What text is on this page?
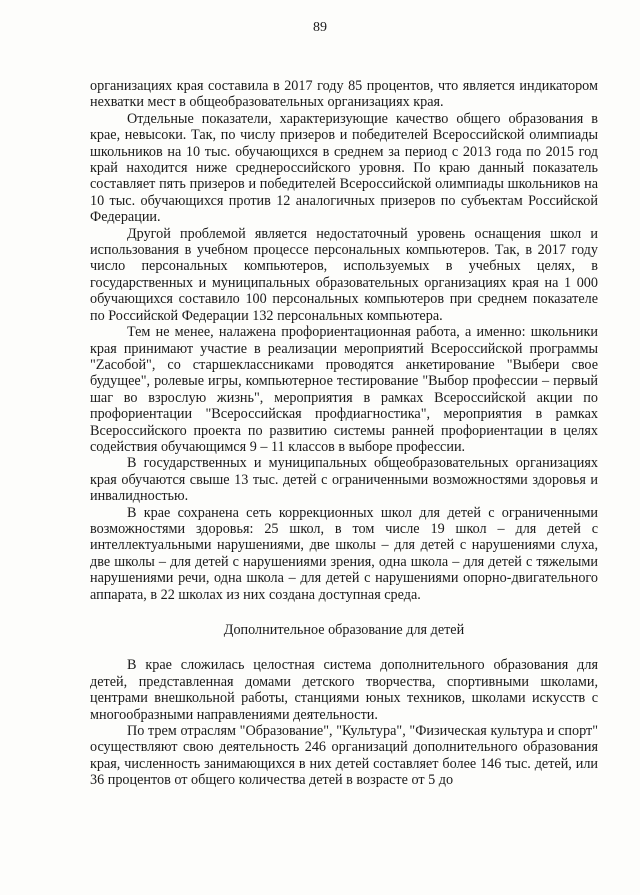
89

организациях края составила в 2017 году 85 процентов, что является индикатором нехватки мест в общеобразовательных организациях края.

Отдельные показатели, характеризующие качество общего образования в крае, невысоки. Так, по числу призеров и победителей Всероссийской олимпиады школьников на 10 тыс. обучающихся в среднем за период с 2013 года по 2015 год край находится ниже среднероссийского уровня. По краю данный показатель составляет пять призеров и победителей Всероссийской олимпиады школьников на 10 тыс. обучающихся против 12 аналогичных призеров по субъектам Российской Федерации.

Другой проблемой является недостаточный уровень оснащения школ и использования в учебном процессе персональных компьютеров. Так, в 2017 году число персональных компьютеров, используемых в учебных целях, в государственных и муниципальных образовательных организациях края на 1 000 обучающихся составило 100 персональных компьютеров при среднем показателе по Российской Федерации 132 персональных компьютера.

Тем не менее, налажена профориентационная работа, а именно: школьники края принимают участие в реализации мероприятий Всероссийской программы "Zасобой", со старшеклассниками проводятся анкетирование "Выбери свое будущее", ролевые игры, компьютерное тестирование "Выбор профессии – первый шаг во взрослую жизнь", мероприятия в рамках Всероссийской акции по профориентации "Всероссийская профдиагностика", мероприятия в рамках Всероссийского проекта по развитию системы ранней профориентации в целях содействия обучающимся 9 – 11 классов в выборе профессии.

В государственных и муниципальных общеобразовательных организациях края обучаются свыше 13 тыс. детей с ограниченными возможностями здоровья и инвалидностью.

В крае сохранена сеть коррекционных школ для детей с ограниченными возможностями здоровья: 25 школ, в том числе 19 школ – для детей с интеллектуальными нарушениями, две школы – для детей с нарушениями слуха, две школы – для детей с нарушениями зрения, одна школа – для детей с тяжелыми нарушениями речи, одна школа – для детей с нарушениями опорно-двигательного аппарата, в 22 школах из них создана доступная среда.

Дополнительное образование для детей

В крае сложилась целостная система дополнительного образования для детей, представленная домами детского творчества, спортивными школами, центрами внешкольной работы, станциями юных техников, школами искусств с многообразными направлениями деятельности.

По трем отраслям "Образование", "Культура", "Физическая культура и спорт" осуществляют свою деятельность 246 организаций дополнительного образования края, численность занимающихся в них детей составляет более 146 тыс. детей, или 36 процентов от общего количества детей в возрасте от 5 до
